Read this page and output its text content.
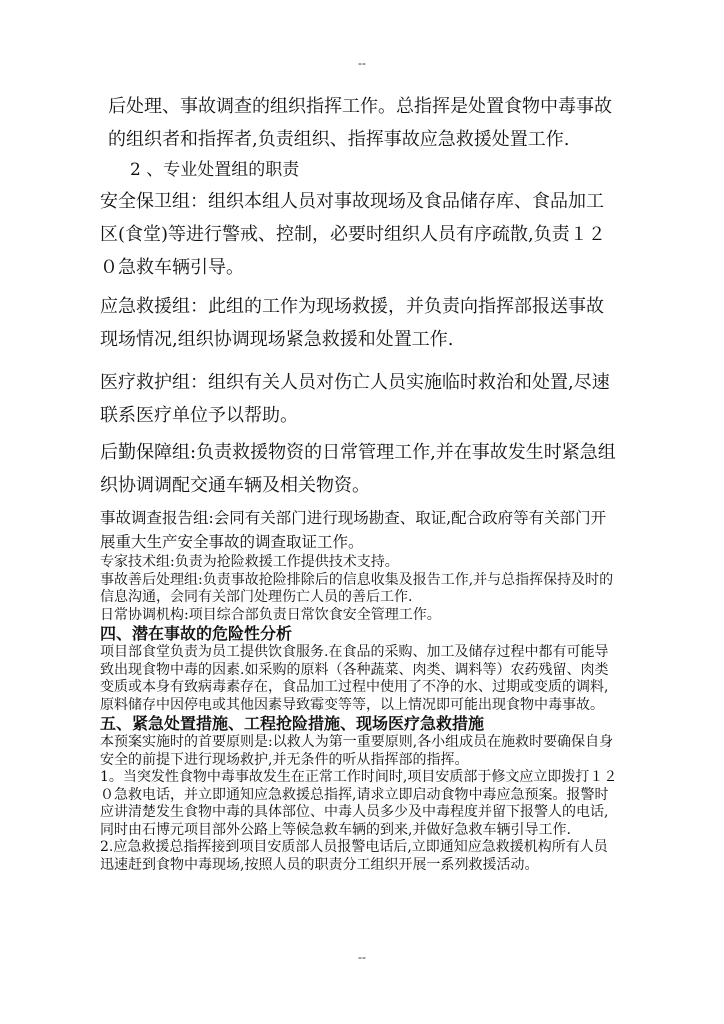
--

后处理、事故调查的组织指挥工作。总指挥是处置食物中毒事故的组织者和指挥者,负责组织、指挥事故应急救援处置工作.

2 、专业处置组的职责

安全保卫组：组织本组人员对事故现场及食品储存库、食品加工区(食堂)等进行警戒、控制，必要时组织人员有序疏散,负责１２０急救车辆引导。

应急救援组：此组的工作为现场救援，并负责向指挥部报送事故现场情况,组织协调现场紧急救援和处置工作.

医疗救护组：组织有关人员对伤亡人员实施临时救治和处置,尽速联系医疗单位予以帮助。

后勤保障组:负责救援物资的日常管理工作,并在事故发生时紧急组织协调调配交通车辆及相关物资。

事故调查报告组:会同有关部门进行现场勘查、取证,配合政府等有关部门开展重大生产安全事故的调查取证工作。

专家技术组:负责为抢险救援工作提供技术支持。

事故善后处理组:负责事故抢险排除后的信息收集及报告工作,并与总指挥保持及时的信息沟通，会同有关部门处理伤亡人员的善后工作.

日常协调机构:项目综合部负责日常饮食安全管理工作。

四、潜在事故的危险性分析

项目部食堂负责为员工提供饮食服务.在食品的采购、加工及储存过程中都有可能导致出现食物中毒的因素.如采购的原料（各种蔬菜、肉类、调料等）农药残留、肉类变质或本身有致病毒素存在，食品加工过程中使用了不净的水、过期或变质的调料,原料储存中因停电或其他因素导致霉变等等，以上情况即可能出现食物中毒事故。

五、紧急处置措施、工程抢险措施、现场医疗急救措施

本预案实施时的首要原则是:以救人为第一重要原则,各小组成员在施救时要确保自身安全的前提下进行现场救护,并无条件的听从指挥部的指挥。

1。当突发性食物中毒事故发生在正常工作时间时,项目安质部于修文应立即拨打１２０急救电话，并立即通知应急救援总指挥,请求立即启动食物中毒应急预案。报警时应讲清楚发生食物中毒的具体部位、中毒人员多少及中毒程度并留下报警人的电话,同时由石博元项目部外公路上等候急救车辆的到来,并做好急救车辆引导工作.

2.应急救援总指挥接到项目安质部人员报警电话后,立即通知应急救援机构所有人员迅速赶到食物中毒现场,按照人员的职责分工组织开展一系列救援活动。

--
